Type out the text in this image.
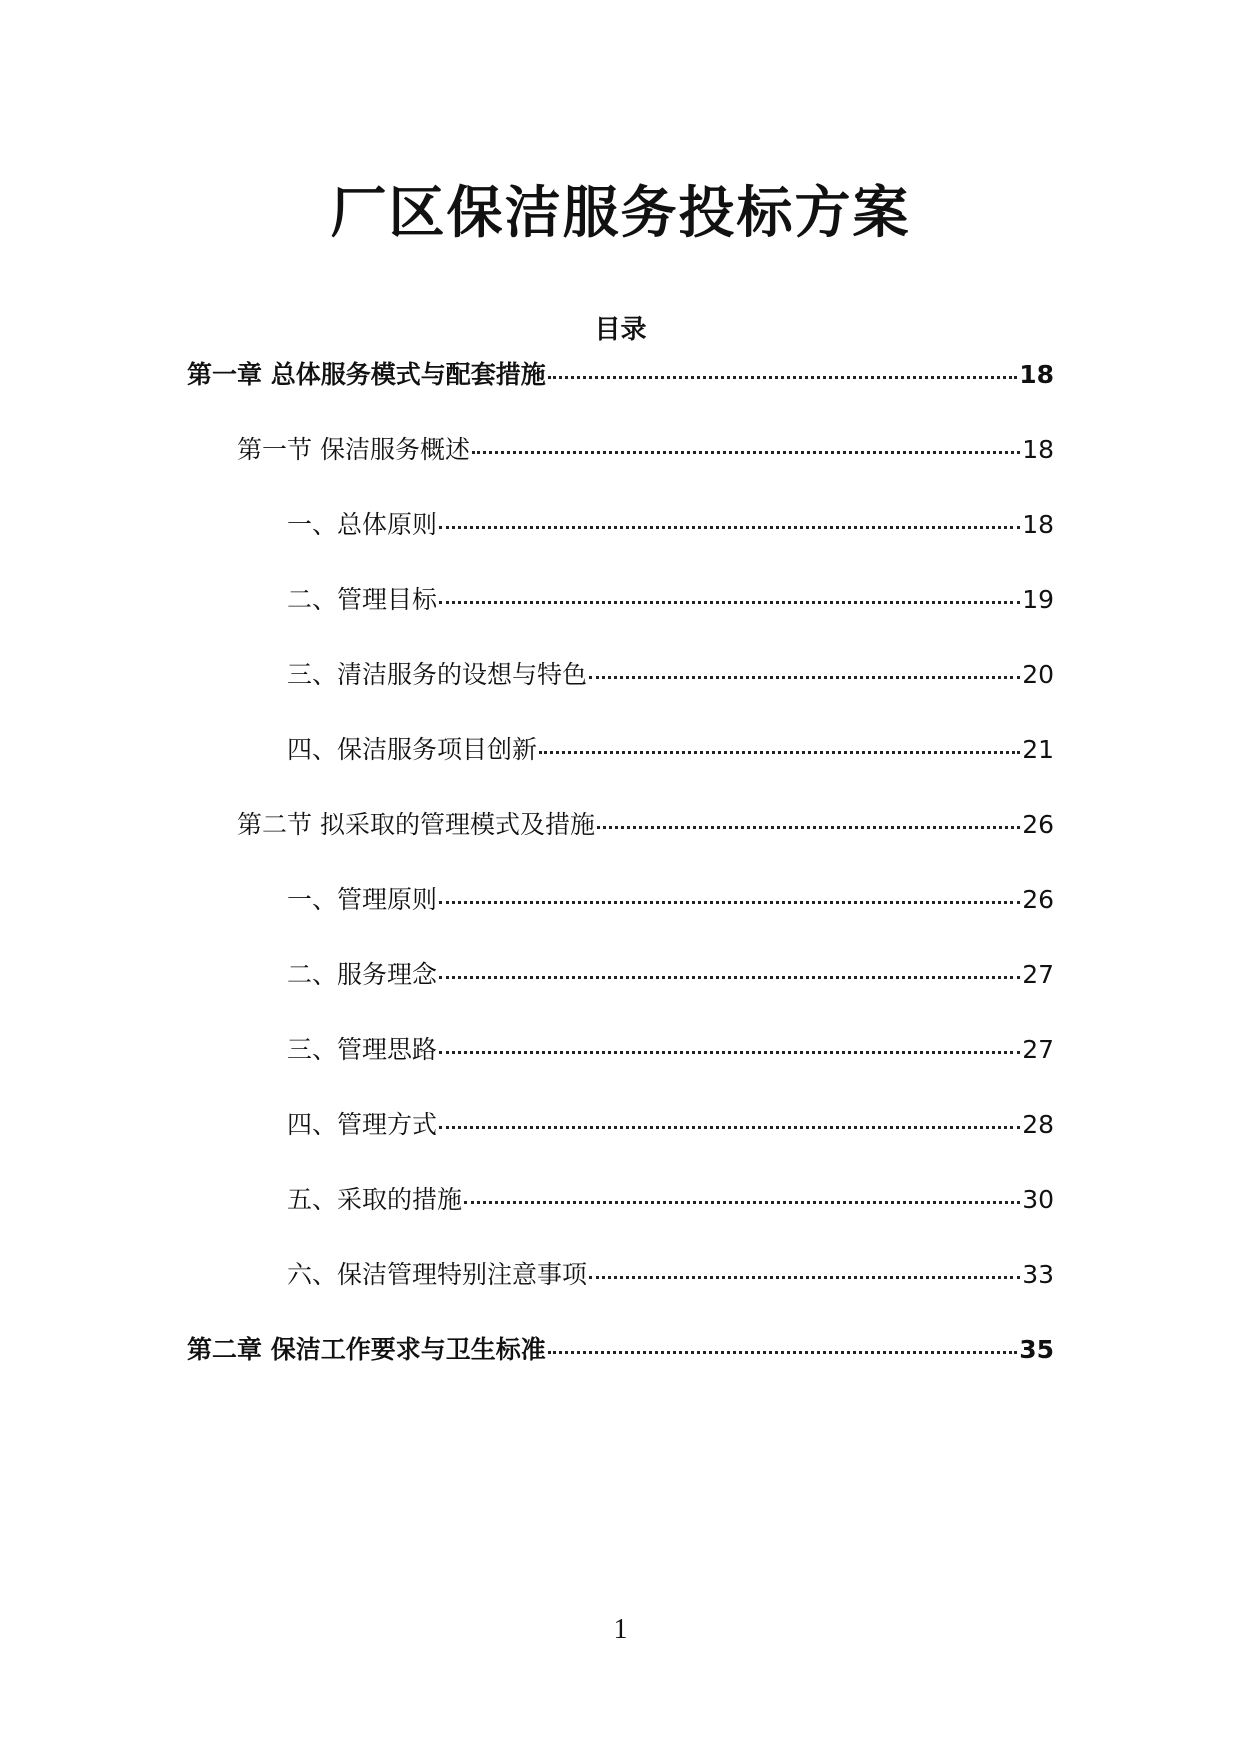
厂区保洁服务投标方案
目录
第一章 总体服务模式与配套措施	18
第一节 保洁服务概述	18
一、总体原则	18
二、管理目标	19
三、清洁服务的设想与特色	20
四、保洁服务项目创新	21
第二节 拟采取的管理模式及措施	26
一、管理原则	26
二、服务理念	27
三、管理思路	27
四、管理方式	28
五、采取的措施	30
六、保洁管理特别注意事项	33
第二章 保洁工作要求与卫生标准	35
1
